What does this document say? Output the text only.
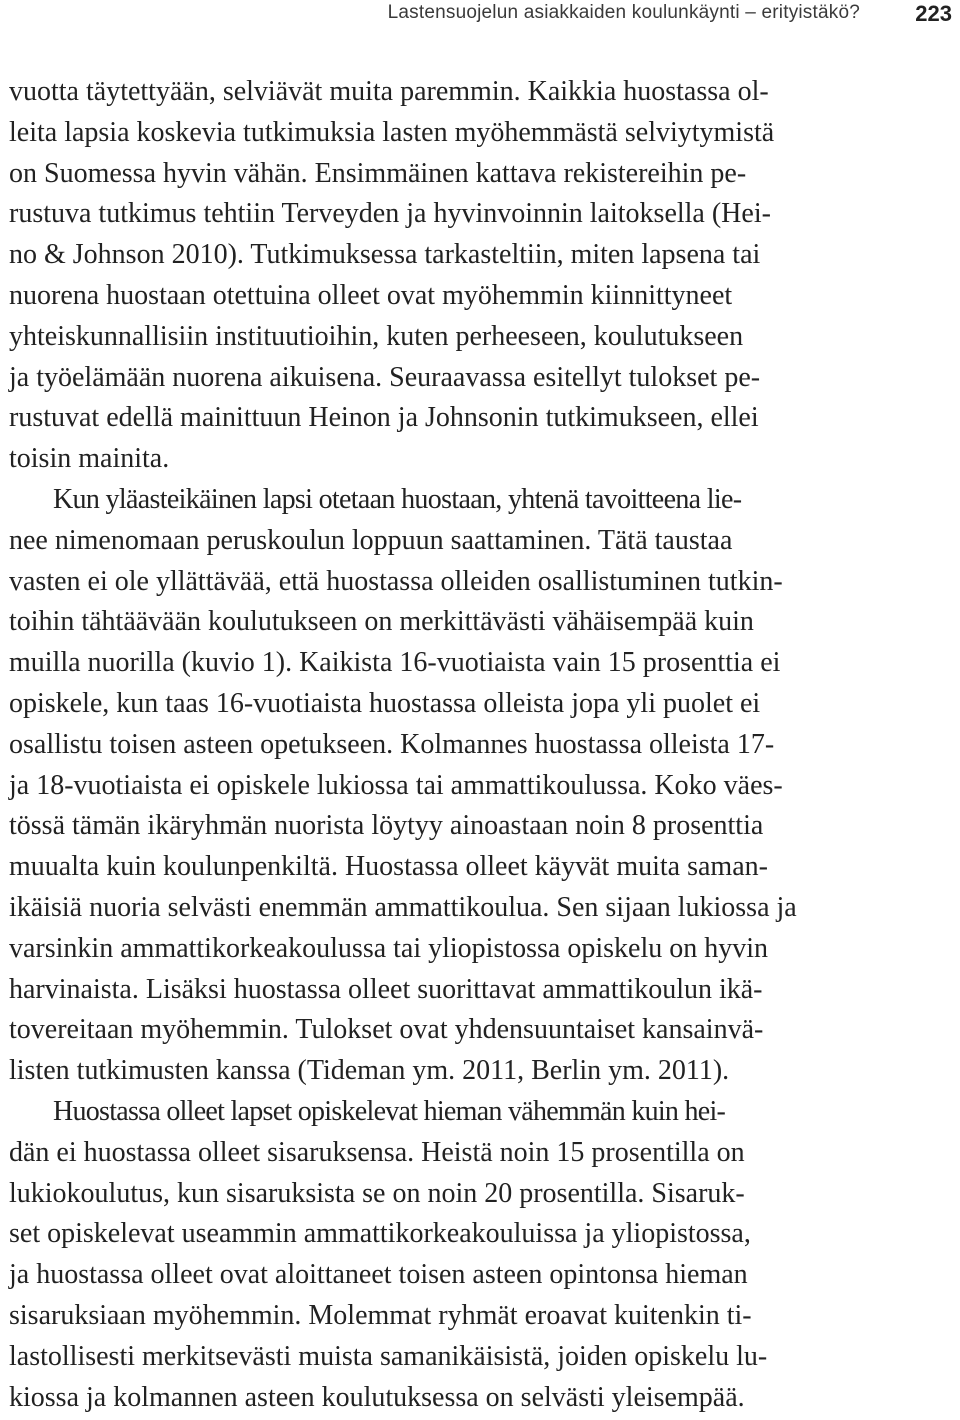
Lastensuojelun asiakkaiden koulunkäynti – erityistäkö?	223
vuotta täytettyään, selviävät muita paremmin. Kaikkia huostassa ol-
leita lapsia koskevia tutkimuksia lasten myöhemmästä selviytymistä
on Suomessa hyvin vähän. Ensimmäinen kattava rekistereihin pe-
rustuva tutkimus tehtiin Terveyden ja hyvinvoinnin laitoksella (Hei-
no & Johnson 2010). Tutkimuksessa tarkasteltiin, miten lapsena tai
nuorena huostaan otettuina olleet ovat myöhemmin kiinnittyneet
yhteiskunnallisiin instituutioihin, kuten perheeseen, koulutukseen
ja työelämään nuorena aikuisena. Seuraavassa esitellyt tulokset pe-
rustuvat edellä mainittuun Heinon ja Johnsonin tutkimukseen, ellei
toisin mainita.
Kun yläasteikäinen lapsi otetaan huostaan, yhtenä tavoitteena lie-
nee nimenomaan peruskoulun loppuun saattaminen. Tätä taustaa
vasten ei ole yllättävää, että huostassa olleiden osallistuminen tutkin-
toihin tähtäävään koulutukseen on merkittävästi vähäisempää kuin
muilla nuorilla (kuvio 1). Kaikista 16-vuotiaista vain 15 prosenttia ei
opiskele, kun taas 16-vuotiaista huostassa olleista jopa yli puolet ei
osallistu toisen asteen opetukseen. Kolmannes huostassa olleista 17-
ja 18-vuotiaista ei opiskele lukiossa tai ammattikoulussa. Koko väes-
tössä tämän ikäryhmän nuorista löytyy ainoastaan noin 8 prosenttia
muualta kuin koulunpenkiltä. Huostassa olleet käyvät muita saman-
ikäisiä nuoria selvästi enemmän ammattikoulua. Sen sijaan lukiossa ja
varsinkin ammattikorkeakoulussa tai yliopistossa opiskelu on hyvin
harvinaista. Lisäksi huostassa olleet suorittavat ammattikoulun ikä-
tovereitaan myöhemmin. Tulokset ovat yhdensuuntaiset kansainvä-
listen tutkimusten kanssa (Tideman ym. 2011, Berlin ym. 2011).
Huostassa olleet lapset opiskelevat hieman vähemmän kuin hei-
dän ei huostassa olleet sisaruksensa. Heistä noin 15 prosentilla on
lukiokoulutus, kun sisaruksista se on noin 20 prosentilla. Sisaruk-
set opiskelevat useammin ammattikorkeakouluissa ja yliopistossa,
ja huostassa olleet ovat aloittaneet toisen asteen opintonsa hieman
sisaruksiaan myöhemmin. Molemmat ryhmät eroavat kuitenkin ti-
lastollisesti merkitsevästi muista samanikäisistä, joiden opiskelu lu-
kiossa ja kolmannen asteen koulutuksessa on selvästi yleisempää.
